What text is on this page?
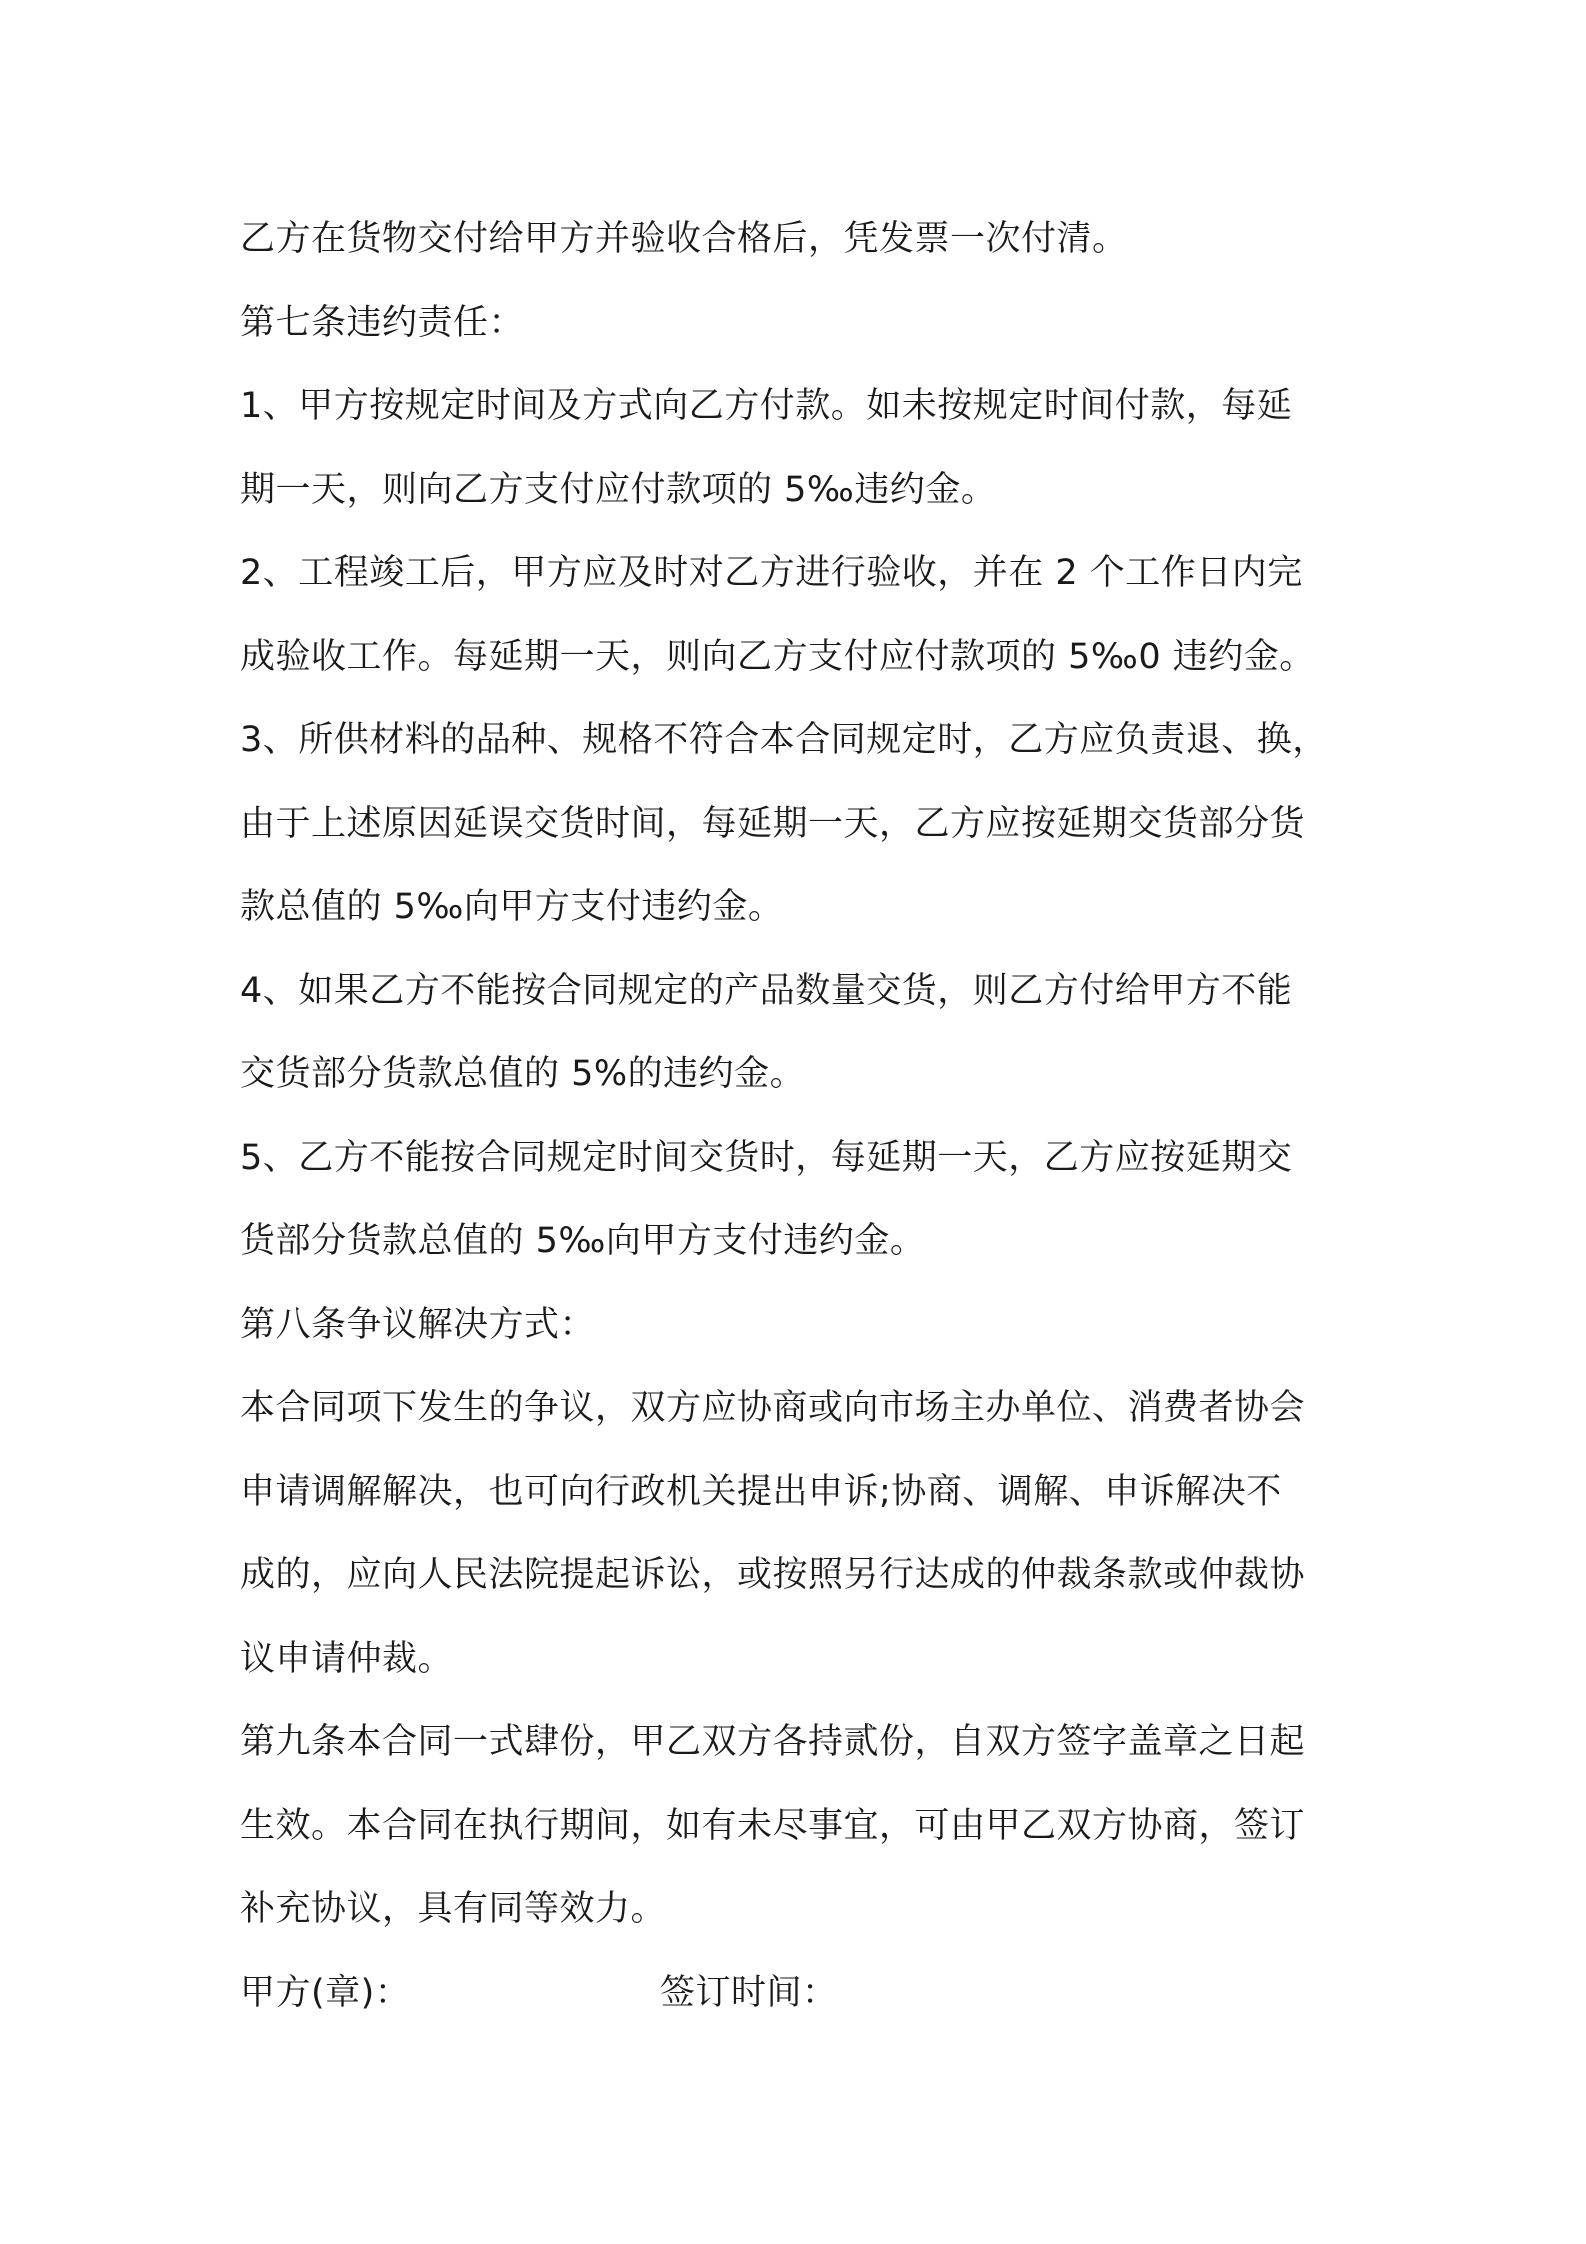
乙方在货物交付给甲方并验收合格后，凭发票一次付清。
第七条违约责任：
1、甲方按规定时间及方式向乙方付款。如未按规定时间付款，每延
期一天，则向乙方支付应付款项的 5‰违约金。
2、工程竣工后，甲方应及时对乙方进行验收，并在 2 个工作日内完
成验收工作。每延期一天，则向乙方支付应付款项的 5‰0 违约金。
3、所供材料的品种、规格不符合本合同规定时，乙方应负责退、换，
由于上述原因延误交货时间，每延期一天，乙方应按延期交货部分货
款总值的 5‰向甲方支付违约金。
4、如果乙方不能按合同规定的产品数量交货，则乙方付给甲方不能
交货部分货款总值的 5%的违约金。
5、乙方不能按合同规定时间交货时，每延期一天，乙方应按延期交
货部分货款总值的 5‰向甲方支付违约金。
第八条争议解决方式：
本合同项下发生的争议，双方应协商或向市场主办单位、消费者协会
申请调解解决，也可向行政机关提出申诉;协商、调解、申诉解决不
成的，应向人民法院提起诉讼，或按照另行达成的仲裁条款或仲裁协
议申请仲裁。
第九条本合同一式肆份，甲乙双方各持贰份，自双方签字盖章之日起
生效。本合同在执行期间，如有未尽事宜，可由甲乙双方协商，签订
补充协议，具有同等效力。
甲方(章)：	签订时间：
